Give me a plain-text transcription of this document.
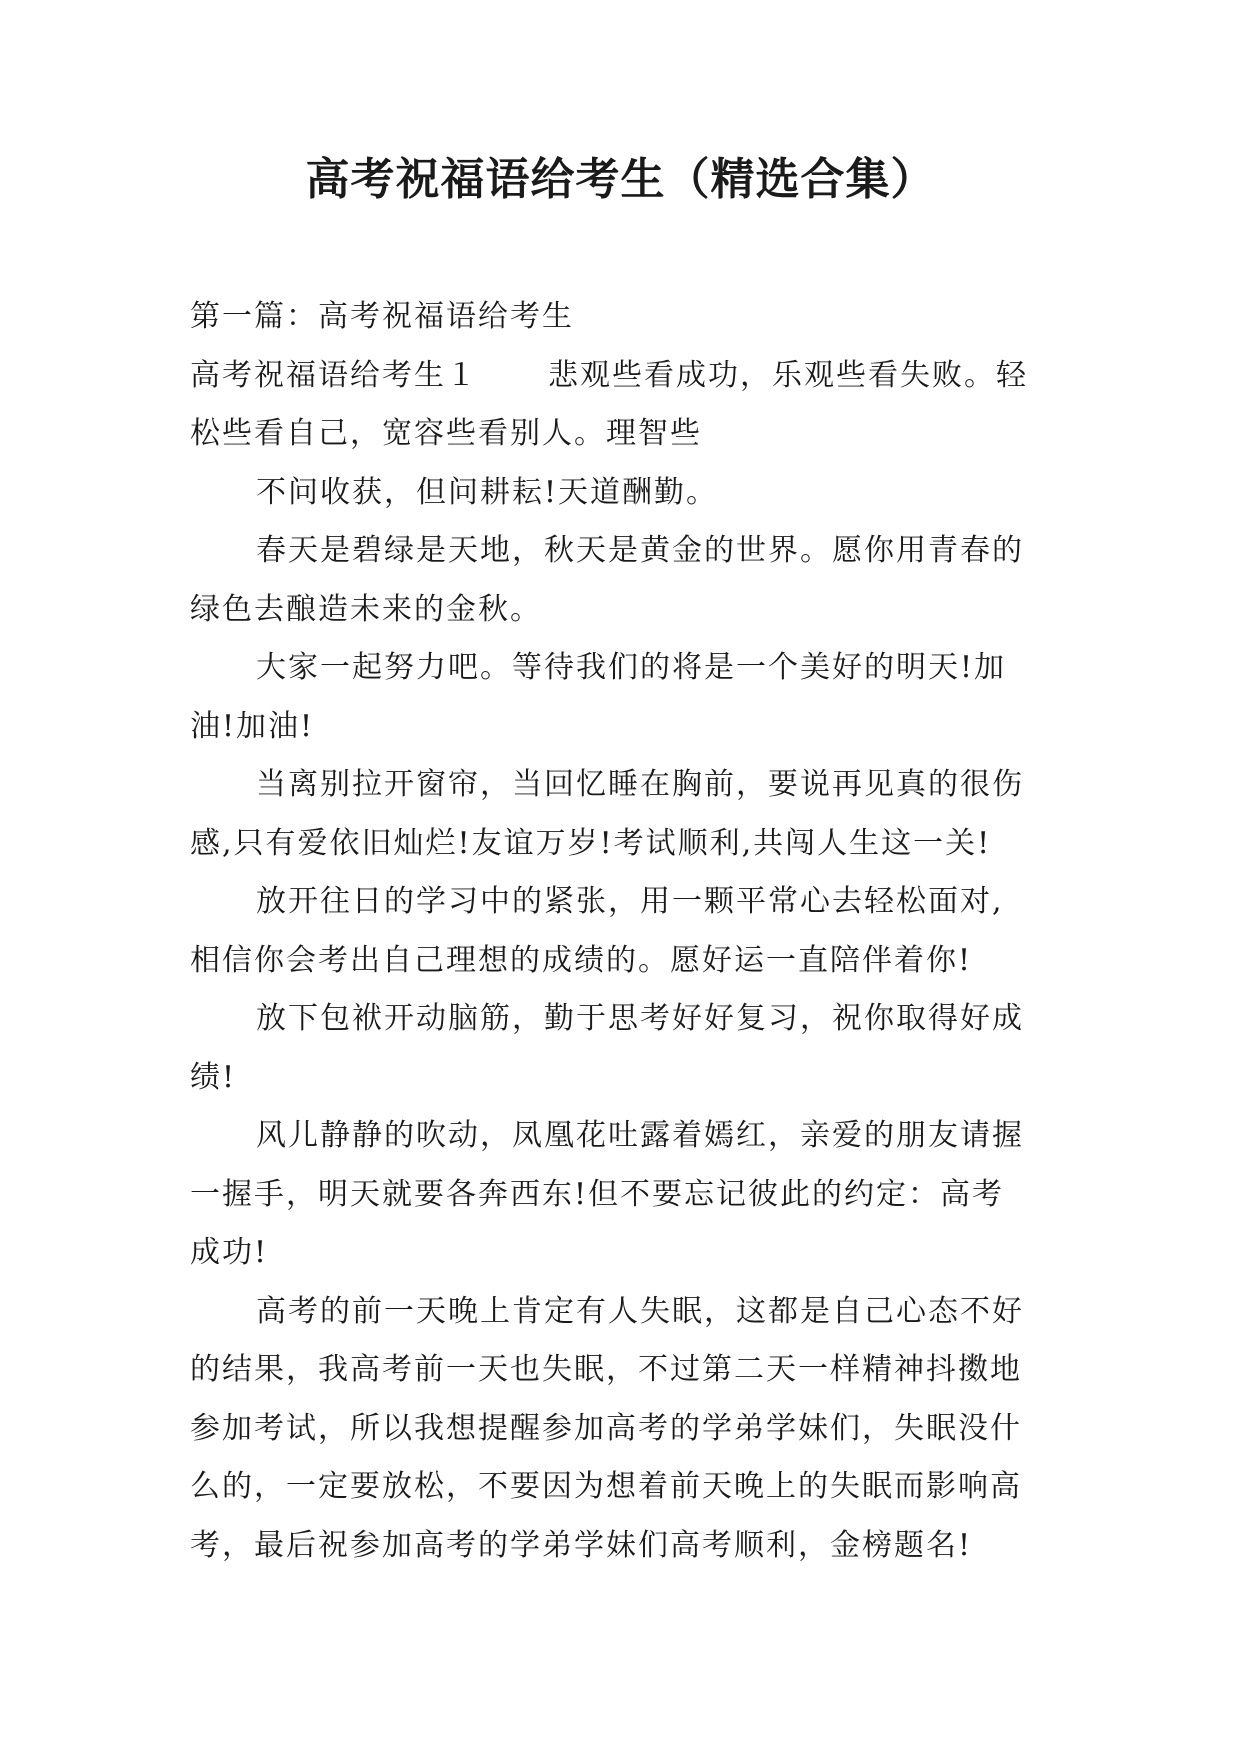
高考祝福语给考生（精选合集）

第一篇：高考祝福语给考生

高考祝福语给考生１ 悲观些看成功，乐观些看失败。轻

松些看自己，宽容些看别人。理智些

不问收获，但问耕耘!天道酬勤。

春天是碧绿是天地，秋天是黄金的世界。愿你用青春的

绿色去酿造未来的金秋。

大家一起努力吧。等待我们的将是一个美好的明天!加

油!加油!

当离别拉开窗帘，当回忆睡在胸前，要说再见真的很伤

感,只有爱依旧灿烂!友谊万岁!考试顺利,共闯人生这一关!

放开往日的学习中的紧张，用一颗平常心去轻松面对,

相信你会考出自己理想的成绩的。愿好运一直陪伴着你!

放下包袱开动脑筋，勤于思考好好复习，祝你取得好成

绩!

风儿静静的吹动，凤凰花吐露着嫣红，亲爱的朋友请握

一握手，明天就要各奔西东!但不要忘记彼此的约定：高考

成功!

高考的前一天晚上肯定有人失眠，这都是自己心态不好

的结果，我高考前一天也失眠，不过第二天一样精神抖擞地

参加考试，所以我想提醒参加高考的学弟学妹们，失眠没什

么的，一定要放松，不要因为想着前天晚上的失眠而影响高

考，最后祝参加高考的学弟学妹们高考顺利，金榜题名!
